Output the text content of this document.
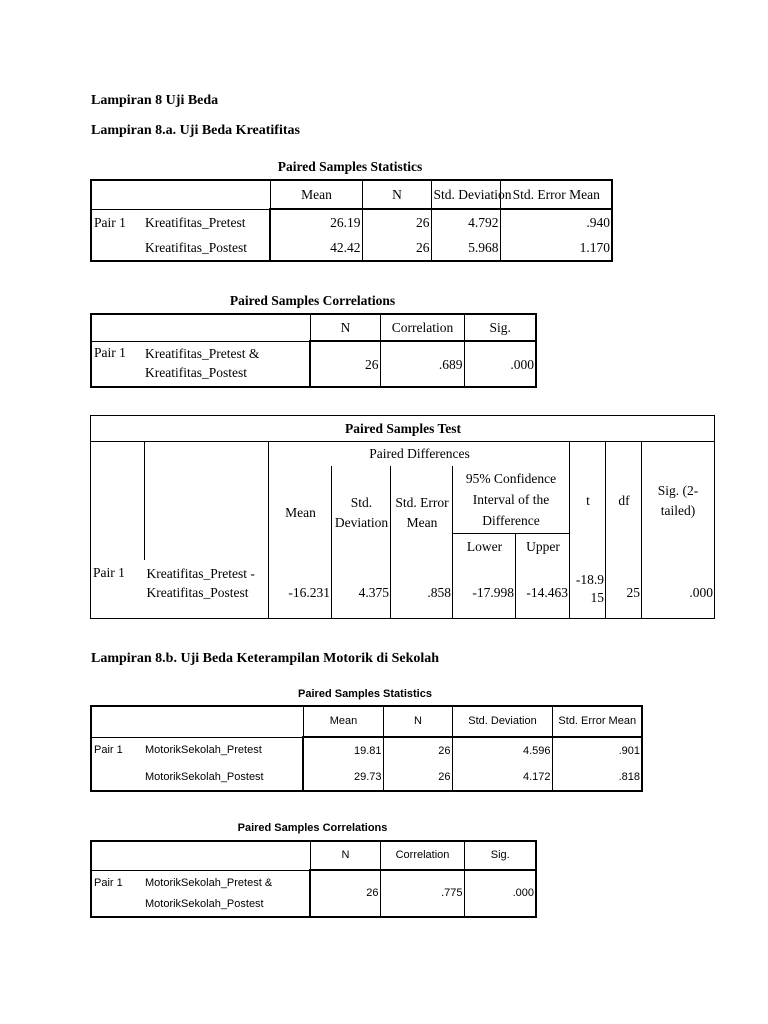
Lampiran 8 Uji Beda
Lampiran 8.a. Uji Beda Kreatifitas
Paired Samples Statistics
		Mean	N	Std. Deviation	Std. Error Mean
Pair 1	Kreatifitas_Pretest	26.19	26	4.792	.940
	Kreatifitas_Postest	42.42	26	5.968	1.170
Paired Samples Correlations
		N	Correlation	Sig.
Pair 1	Kreatifitas_Pretest &
Kreatifitas_Postest	26	.689	.000
Paired Samples Test									
		Paired Differences					t	df	Sig. (2-tailed)
		Mean	Std. Deviation	Std. Error Mean	95% Confidence Interval of the Difference				
					Lower	Upper			
Pair 1	Kreatifitas_Pretest -
Kreatifitas_Postest	-16.231	4.375	.858	-17.998	-14.463	-18.915	25	.000
Lampiran 8.b. Uji Beda Keterampilan Motorik di Sekolah
Paired Samples Statistics
		Mean	N	Std. Deviation	Std. Error Mean
Pair 1	MotorikSekolah_Pretest	19.81	26	4.596	.901
	MotorikSekolah_Postest	29.73	26	4.172	.818
Paired Samples Correlations
		N	Correlation	Sig.
Pair 1	MotorikSekolah_Pretest &
MotorikSekolah_Postest	26	.775	.000
